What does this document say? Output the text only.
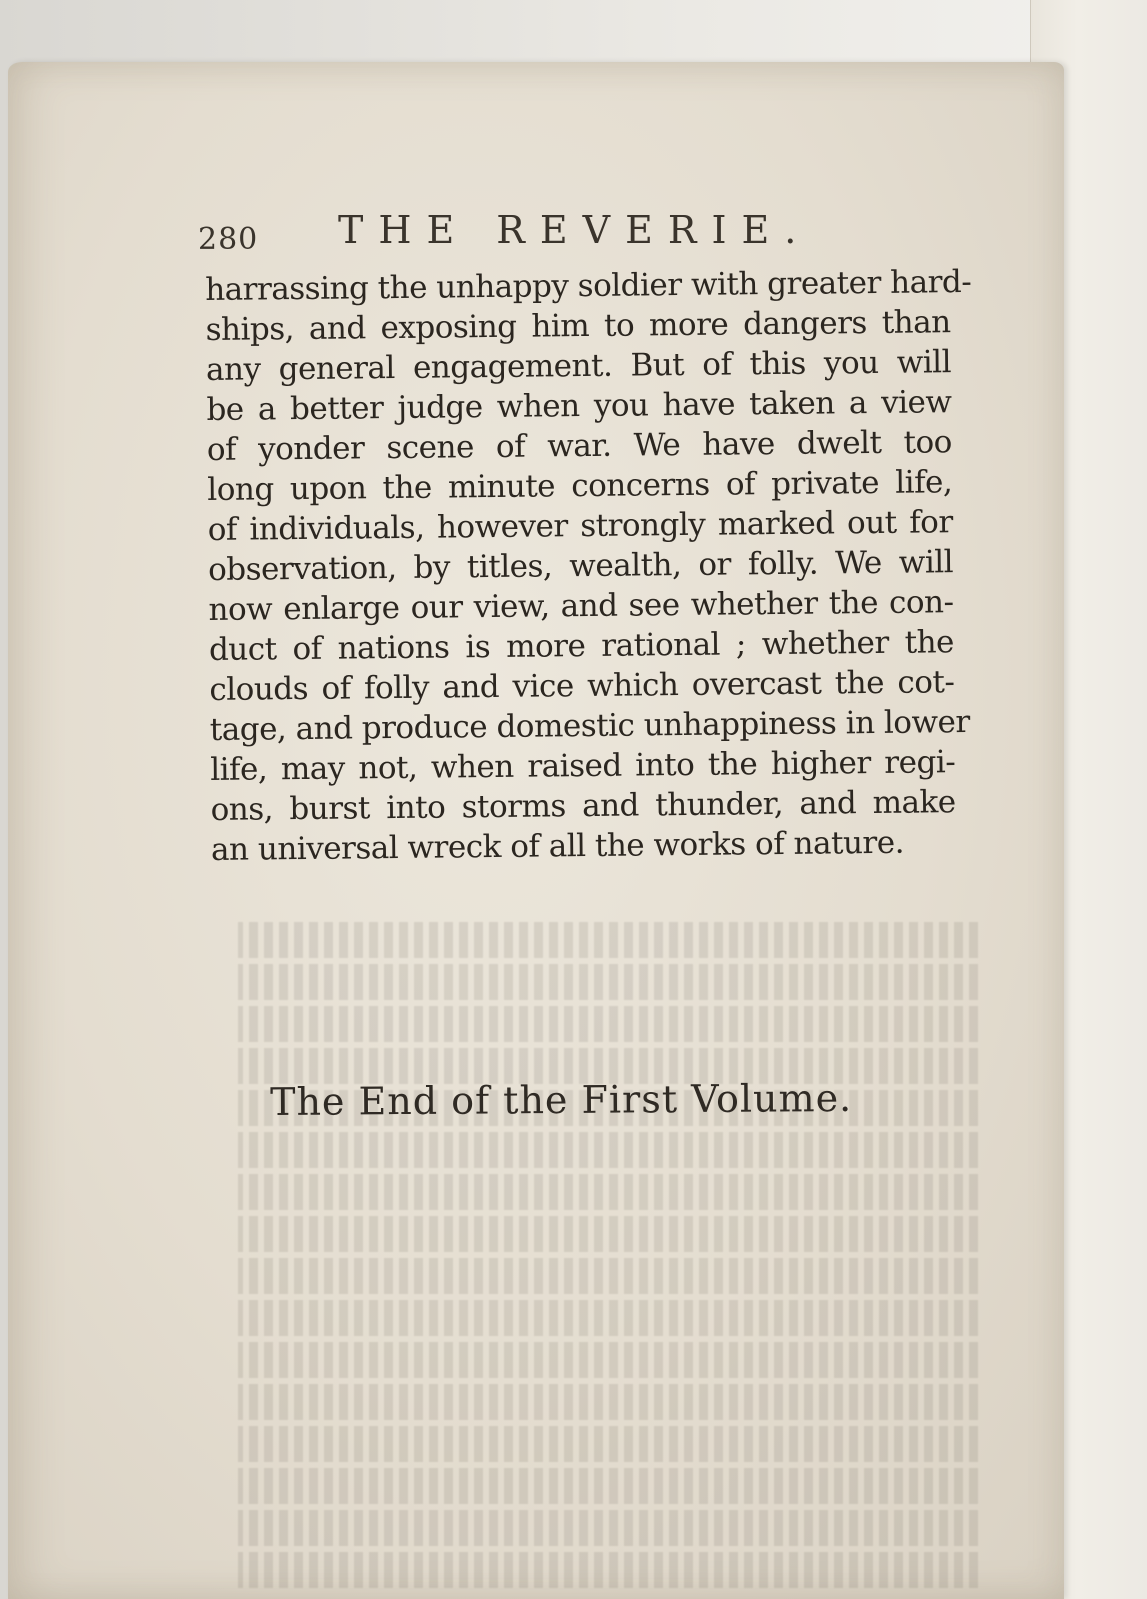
280 THE REVERIE.
harrassing the unhappy soldier with greater hard-
ships, and exposing him to more dangers than
any general engagement. But of this you will
be a better judge when you have taken a view
of yonder scene of war. We have dwelt too
long upon the minute concerns of private life,
of individuals, however strongly marked out for
observation, by titles, wealth, or folly. We will
now enlarge our view, and see whether the con-
duct of nations is more rational ; whether the
clouds of folly and vice which overcast the cot-
tage, and produce domestic unhappiness in lower
life, may not, when raised into the higher regi-
ons, burst into storms and thunder, and make
an universal wreck of all the works of nature.
The End of the First Volume.
